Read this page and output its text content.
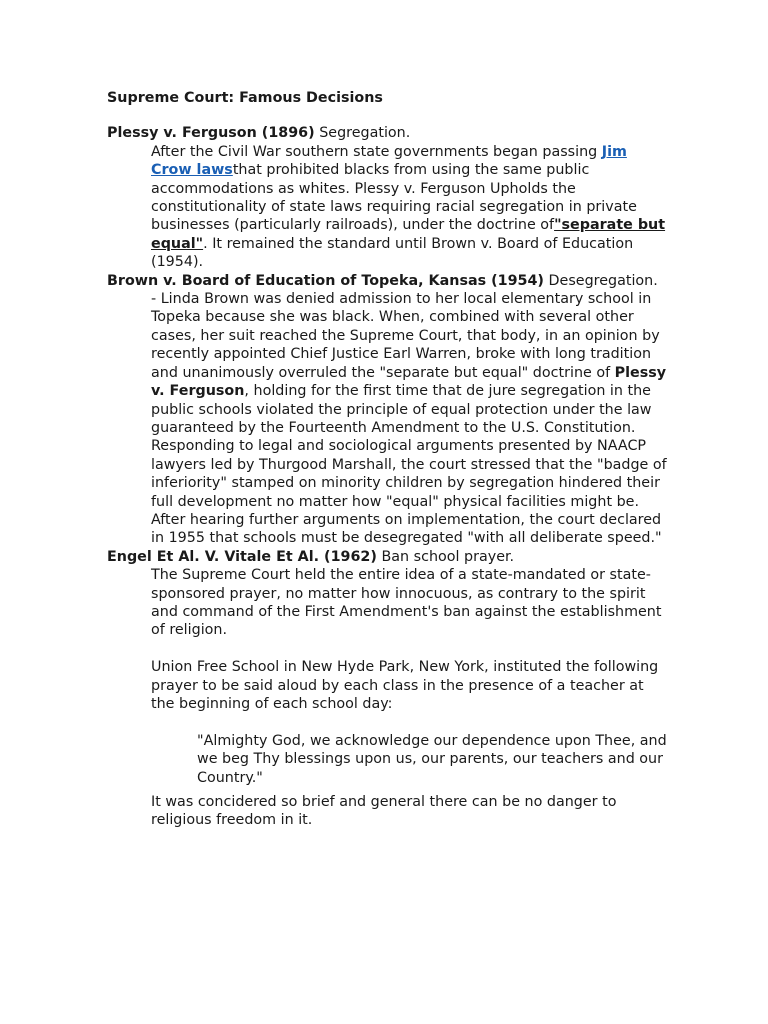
Supreme Court: Famous Decisions
Plessy v. Ferguson (1896) Segregation.

After the Civil War southern state governments began passing Jim Crow lawsthat prohibited blacks from using the same public accommodations as whites. Plessy v. Ferguson Upholds the constitutionality of state laws requiring racial segregation in private businesses (particularly railroads), under the doctrine of"separate but equal". It remained the standard until Brown v. Board of Education (1954).

Brown v. Board of Education of Topeka, Kansas (1954) Desegregation.

- Linda Brown was denied admission to her local elementary school in Topeka because she was black. When, combined with several other cases, her suit reached the Supreme Court, that body, in an opinion by recently appointed Chief Justice Earl Warren, broke with long tradition and unanimously overruled the "separate but equal" doctrine of Plessy v. Ferguson, holding for the first time that de jure segregation in the public schools violated the principle of equal protection under the law guaranteed by the Fourteenth Amendment to the U.S. Constitution. Responding to legal and sociological arguments presented by NAACP lawyers led by Thurgood Marshall, the court stressed that the "badge of inferiority" stamped on minority children by segregation hindered their full development no matter how "equal" physical facilities might be. After hearing further arguments on implementation, the court declared in 1955 that schools must be desegregated "with all deliberate speed."

Engel Et Al. V. Vitale Et Al. (1962) Ban school prayer.

The Supreme Court held the entire idea of a state-mandated or state-sponsored prayer, no matter how innocuous, as contrary to the spirit and command of the First Amendment's ban against the establishment of religion.

Union Free School in New Hyde Park, New York, instituted the following prayer to be said aloud by each class in the presence of a teacher at the beginning of each school day:

"Almighty God, we acknowledge our dependence upon Thee, and we beg Thy blessings upon us, our parents, our teachers and our Country."

It was concidered so brief and general there can be no danger to religious freedom in it.
